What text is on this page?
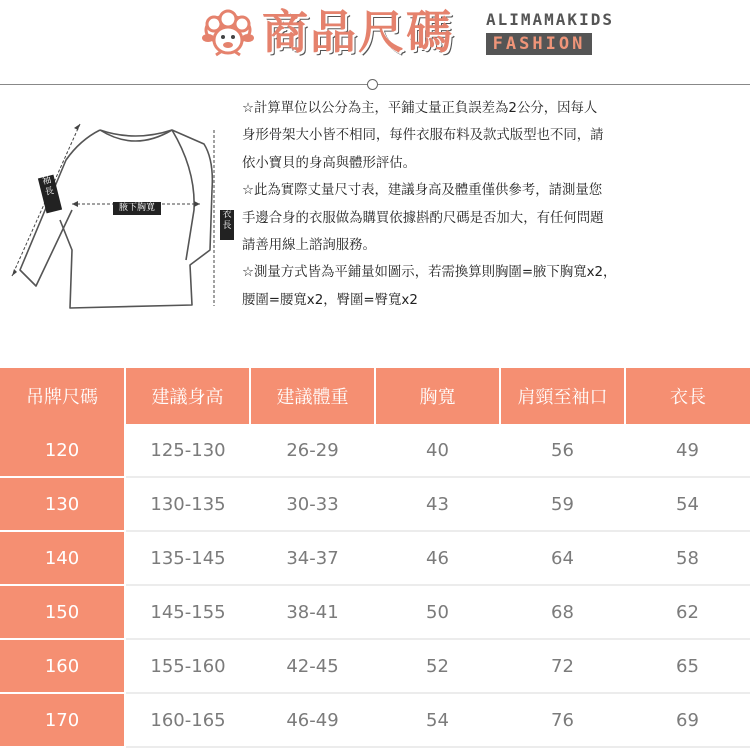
商品尺碼 ALIMAMAKIDS
FASHION
袖長
腋下胸寬
衣長

☆計算單位以公分為主，平鋪丈量正負誤差為2公分，因每人

身形骨架大小皆不相同，每件衣服布料及款式版型也不同，請

依小寶貝的身高與體形評估。

☆此為實際丈量尺寸表，建議身高及體重僅供參考，請測量您

手邊合身的衣服做為購買依據斟酌尺碼是否加大，有任何問題

請善用線上諮詢服務。

☆測量方式皆為平鋪量如圖示，若需換算則胸圍=腋下胸寬x2，

腰圍=腰寬x2，臀圍=臀寬x2

吊牌尺碼	建議身高	建議體重	胸寬	肩頸至袖口	衣長
120	125-130	26-29	40	56	49
130	130-135	30-33	43	59	54
140	135-145	34-37	46	64	58
150	145-155	38-41	50	68	62
160	155-160	42-45	52	72	65
170	160-165	46-49	54	76	69
